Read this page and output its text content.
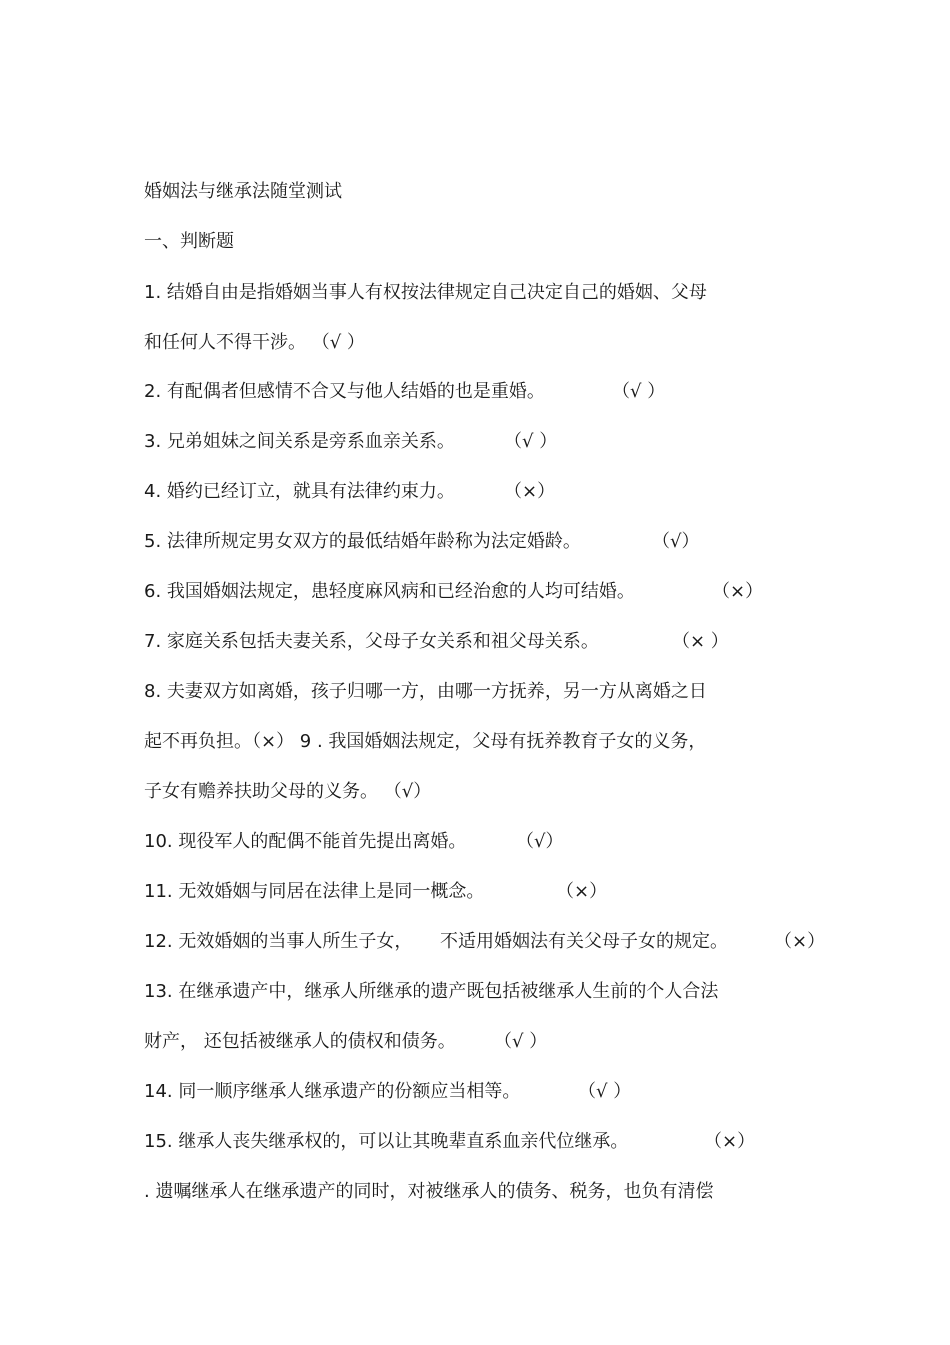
婚姻法与继承法随堂测试
一、判断题
1. 结婚自由是指婚姻当事人有权按法律规定自己决定自己的婚姻、父母
和任何人不得干涉。 （√ ）

2. 有配偶者但感情不合又与他人结婚的也是重婚。

	（√ ）

3. 兄弟姐妹之间关系是旁系血亲关系。

	（√ ）

4. 婚约已经订立，就具有法律约束力。

	（×）

5. 法律所规定男女双方的最低结婚年龄称为法定婚龄。

	（√）

6. 我国婚姻法规定，患轻度麻风病和已经治愈的人均可结婚。

	（×）

7. 家庭关系包括夫妻关系，父母子女关系和祖父母关系。

	（× ）

8. 夫妻双方如离婚，孩子归哪一方，由哪一方抚养，另一方从离婚之日
起不再负担。（×） 9 . 我国婚姻法规定，父母有抚养教育子女的义务，
子女有赡养扶助父母的义务。 （√）

10. 现役军人的配偶不能首先提出离婚。

	（√）

11. 无效婚姻与同居在法律上是同一概念。

	（×）

12. 无效婚姻的当事人所生子女，

不适用婚姻法有关父母子女的规定。

	（×）

13. 在继承遗产中，继承人所继承的遗产既包括被继承人生前的个人合法

财产， 还包括被继承人的债权和债务。

（√ ）

14. 同一顺序继承人继承遗产的份额应当相等。

	（√ ）

15. 继承人丧失继承权的，可以让其晚辈直系血亲代位继承。

	（×）

. 遗嘱继承人在继承遗产的同时，对被继承人的债务、税务，也负有清偿
